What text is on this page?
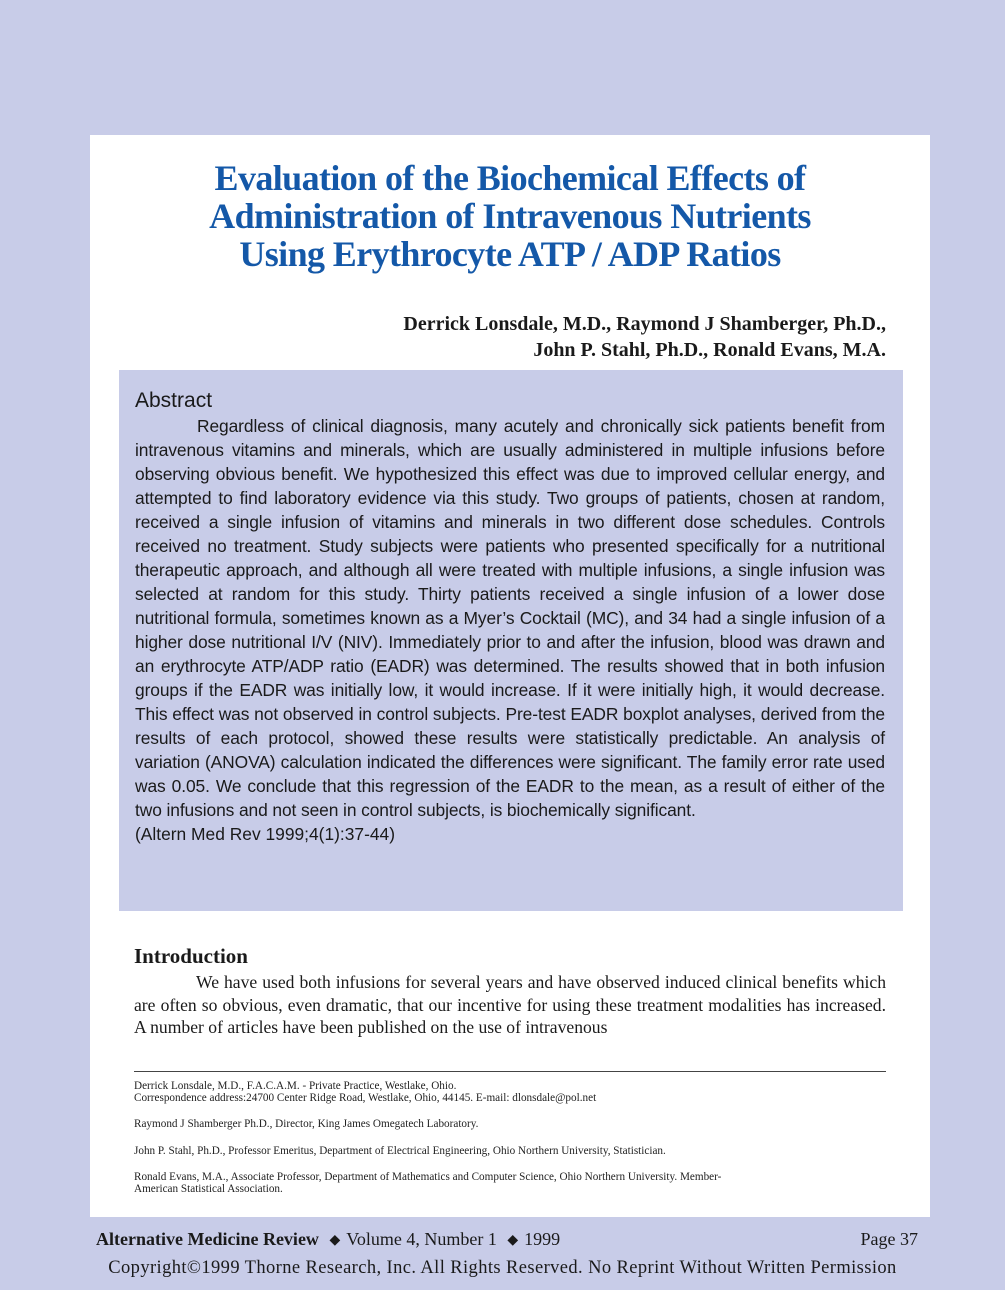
Evaluation of the Biochemical Effects of
Administration of Intravenous Nutrients
Using Erythrocyte ATP / ADP Ratios
Derrick Lonsdale, M.D., Raymond J Shamberger, Ph.D.,
John P. Stahl, Ph.D., Ronald Evans, M.A.
Abstract

Regardless of clinical diagnosis, many acutely and chronically sick patients benefit from intravenous vitamins and minerals, which are usually administered in multiple infusions before observing obvious benefit. We hypothesized this effect was due to improved cellular energy, and attempted to find laboratory evidence via this study. Two groups of patients, chosen at random, received a single infusion of vitamins and minerals in two different dose schedules. Controls received no treatment. Study subjects were patients who presented specifically for a nutritional therapeutic approach, and although all were treated with multiple infusions, a single infusion was selected at random for this study. Thirty patients received a single infusion of a lower dose nutritional formula, sometimes known as a Myer’s Cocktail (MC), and 34 had a single infusion of a higher dose nutritional I/V (NIV). Immediately prior to and after the infusion, blood was drawn and an erythrocyte ATP/ADP ratio (EADR) was determined. The results showed that in both infusion groups if the EADR was initially low, it would increase. If it were initially high, it would decrease. This effect was not observed in control subjects. Pre-test EADR boxplot analyses, derived from the results of each protocol, showed these results were statistically predictable. An analysis of variation (ANOVA) calculation indicated the differences were significant. The family error rate used was 0.05. We conclude that this regression of the EADR to the mean, as a result of either of the two infusions and not seen in control subjects, is biochemically significant.

(Altern Med Rev 1999;4(1):37-44)

Introduction

We have used both infusions for several years and have observed induced clinical benefits which are often so obvious, even dramatic, that our incentive for using these treatment modalities has increased. A number of articles have been published on the use of intravenous

Derrick Lonsdale, M.D., F.A.C.A.M. - Private Practice, Westlake, Ohio.
Correspondence address:24700 Center Ridge Road, Westlake, Ohio, 44145. E-mail: dlonsdale@pol.net

Raymond J Shamberger Ph.D., Director, King James Omegatech Laboratory.

John P. Stahl, Ph.D., Professor Emeritus, Department of Electrical Engineering, Ohio Northern University, Statistician.

Ronald Evans, M.A., Associate Professor, Department of Mathematics and Computer Science, Ohio Northern University. Member-
American Statistical Association.

Alternative Medicine Review ◆ Volume 4, Number 1 ◆ 1999	Page 37
Copyright©1999 Thorne Research, Inc. All Rights Reserved. No Reprint Without Written Permission
